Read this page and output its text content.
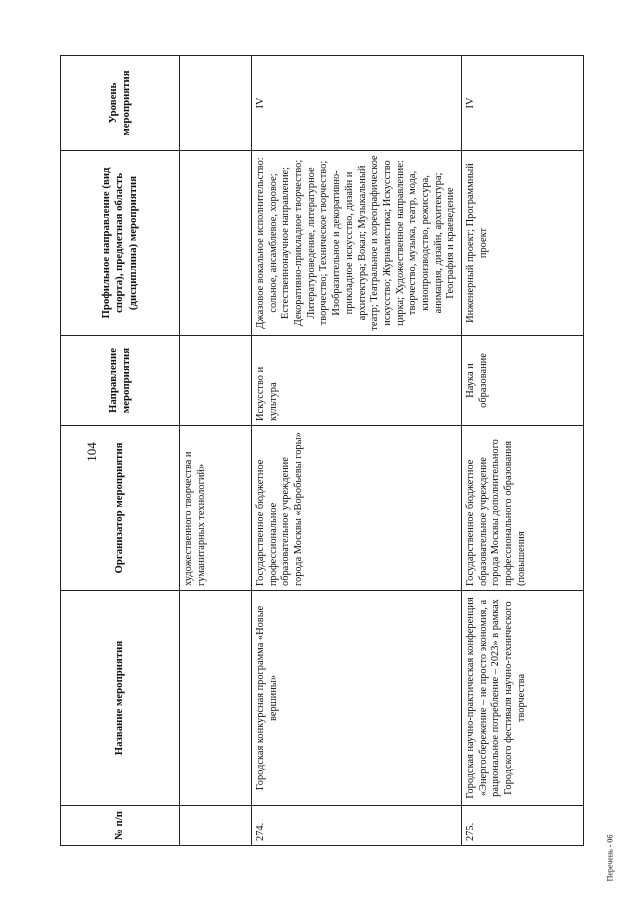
104
№ п/п	Название мероприятия	Организатор мероприятия	Направление мероприятия	Профильное направление (вид спорта), предметная область (дисциплина) мероприятия	Уровень мероприятия
		художественного творчества и гуманитарных технологий»			
274.	Городская конкурсная программа «Новые вершины»	Государственное бюджетное профессиональное образовательное учреждение города Москвы «Воробьевы горы»	Искусство и культура	Джазовое вокальное исполнительство: сольное, ансамблевое, хоровое; Естественнонаучное направление; Декоративно-прикладное творчество; Литературоведение, литературное творчество; Техническое творчество; Изобразительное и декоративно-прикладное искусство, дизайн и архитектура; Вокал; Музыкальный театр; Театральное и хореографическое искусство; Журналистика; Искусство цирка; Художественное направление: творчество, музыка, театр, мода, кинопроизводство, режиссура, анимация, дизайн, архитектура; География и краеведение	IV
275.	Городская научно-практическая конференция «Энергосбережение – не просто экономия, а рациональное потребление – 2023» в рамках Городского фестиваля научно-технического творчества	Государственное бюджетное образовательное учреждение города Москвы дополнительного профессионального образования (повышения	Наука и образование	Инженерный проект; Программный проект	IV
Перечень - 06
